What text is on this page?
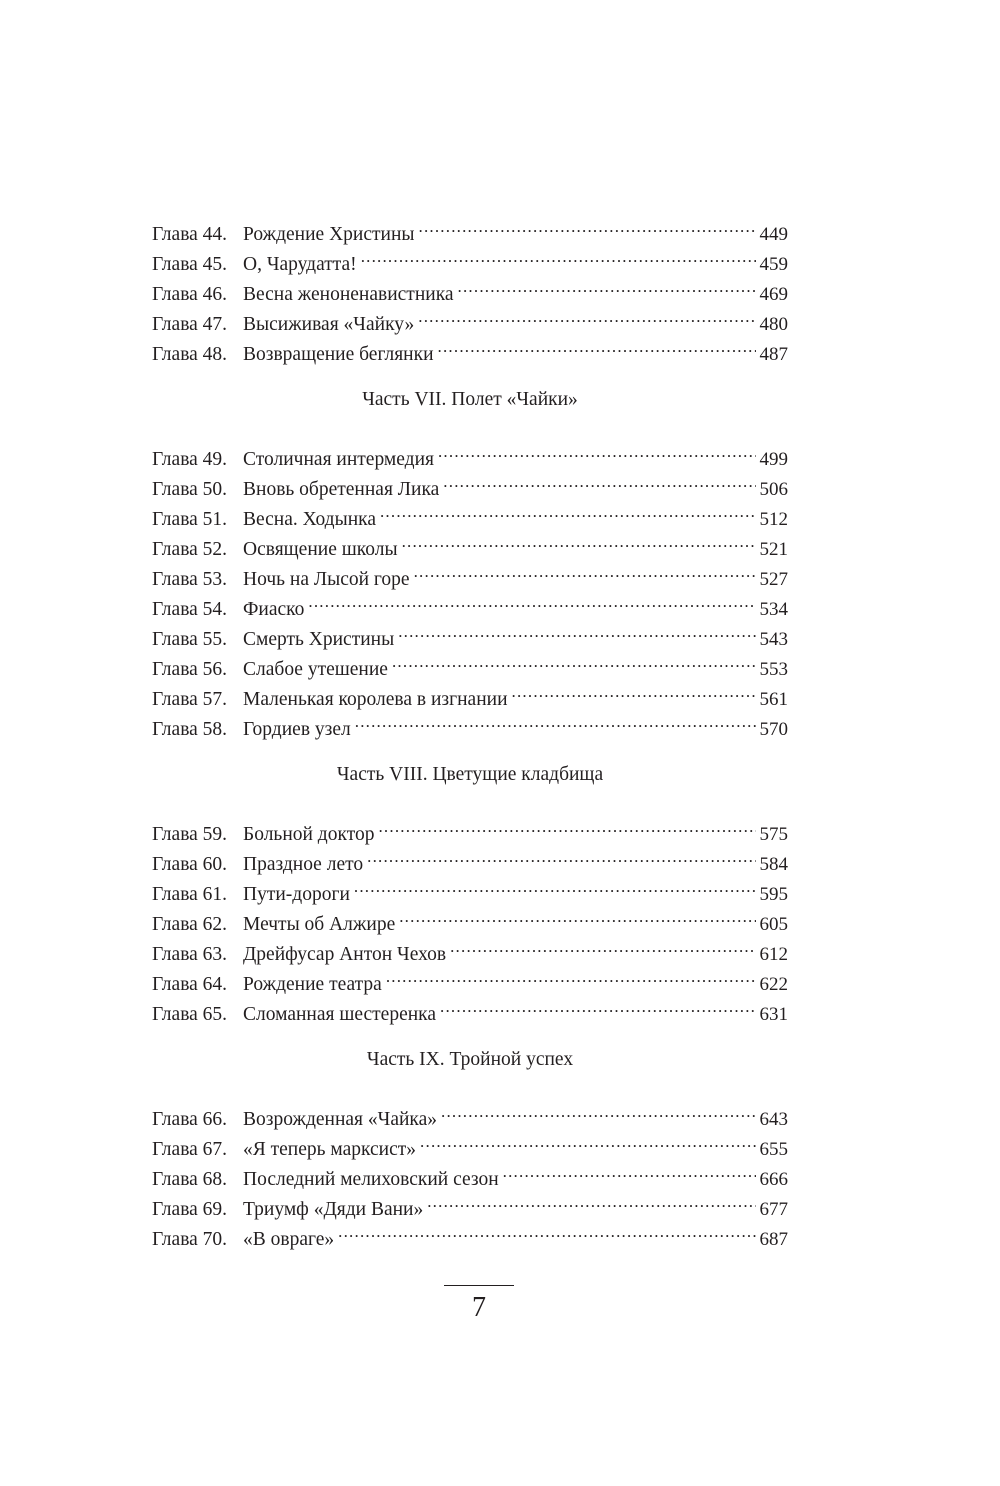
Глава 44. Рождение Христины .....	449
Глава 45. О, Чарудатта! .....	459
Глава 46. Весна женоненавистника .....	469
Глава 47. Высиживая «Чайку» .....	480
Глава 48. Возвращение беглянки .....	487
Часть VII. Полет «Чайки»
Глава 49. Столичная интермедия .....	499
Глава 50. Вновь обретенная Лика .....	506
Глава 51. Весна. Ходынка .....	512
Глава 52. Освящение школы .....	521
Глава 53. Ночь на Лысой горе .....	527
Глава 54. Фиаско .....	534
Глава 55. Смерть Христины .....	543
Глава 56. Слабое утешение .....	553
Глава 57. Маленькая королева в изгнании .....	561
Глава 58. Гордиев узел .....	570
Часть VIII. Цветущие кладбища
Глава 59. Больной доктор .....	575
Глава 60. Праздное лето .....	584
Глава 61. Пути-дороги .....	595
Глава 62. Мечты об Алжире .....	605
Глава 63. Дрейфусар Антон Чехов .....	612
Глава 64. Рождение театра .....	622
Глава 65. Сломанная шестеренка .....	631
Часть IX. Тройной успех
Глава 66. Возрожденная «Чайка» .....	643
Глава 67. «Я теперь марксист» .....	655
Глава 68. Последний мелиховский сезон .....	666
Глава 69. Триумф «Дяди Вани» .....	677
Глава 70. «В овраге» .....	687
7
